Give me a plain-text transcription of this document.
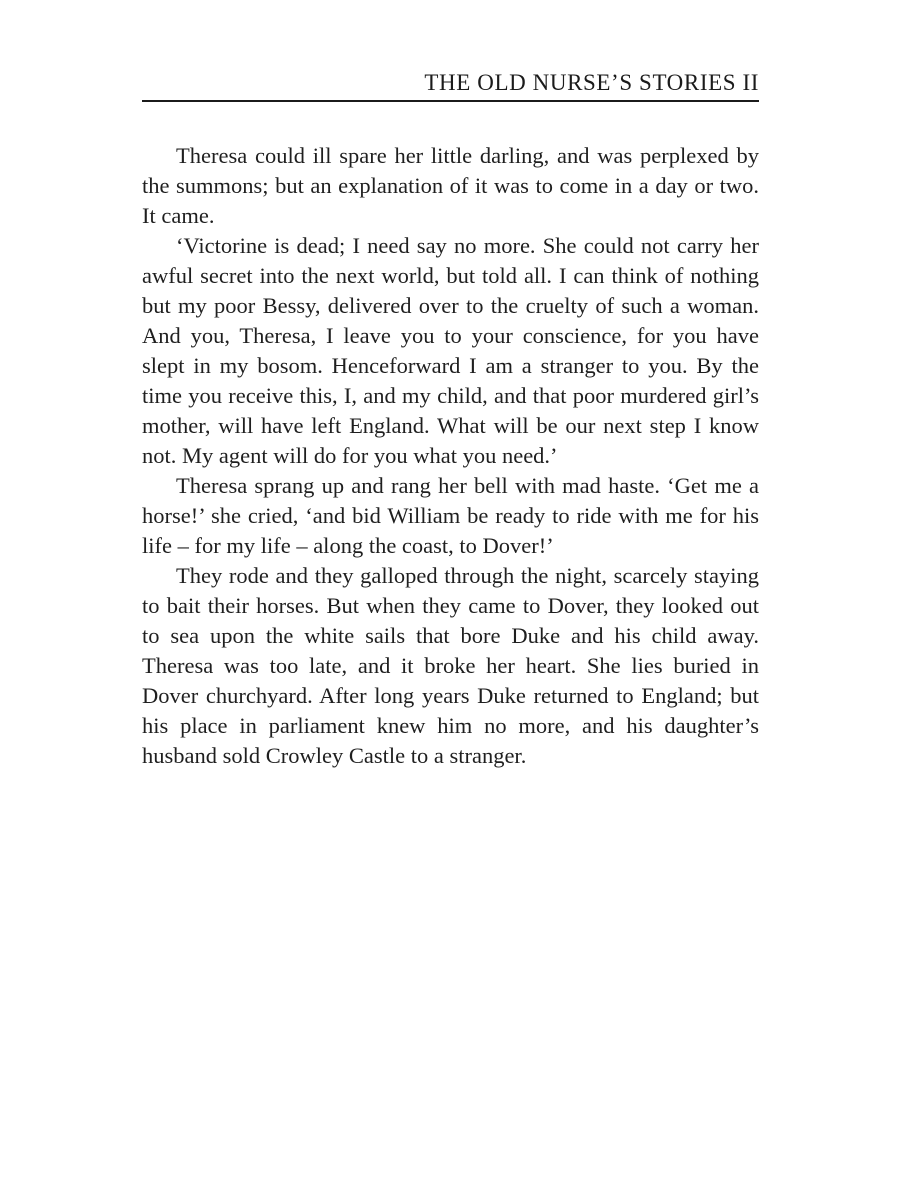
THE OLD NURSE’S STORIES II

Theresa could ill spare her little darling, and was perplexed by the summons; but an explanation of it was to come in a day or two. It came.

‘Victorine is dead; I need say no more. She could not carry her awful secret into the next world, but told all. I can think of nothing but my poor Bessy, delivered over to the cruelty of such a woman. And you, Theresa, I leave you to your conscience, for you have slept in my bosom. Henceforward I am a stranger to you. By the time you receive this, I, and my child, and that poor murdered girl’s mother, will have left England. What will be our next step I know not. My agent will do for you what you need.’

Theresa sprang up and rang her bell with mad haste. ‘Get me a horse!’ she cried, ‘and bid William be ready to ride with me for his life – for my life – along the coast, to Dover!’

They rode and they galloped through the night, scarcely staying to bait their horses. But when they came to Dover, they looked out to sea upon the white sails that bore Duke and his child away. Theresa was too late, and it broke her heart. She lies buried in Dover churchyard. After long years Duke returned to England; but his place in parliament knew him no more, and his daughter’s husband sold Crowley Castle to a stranger.
